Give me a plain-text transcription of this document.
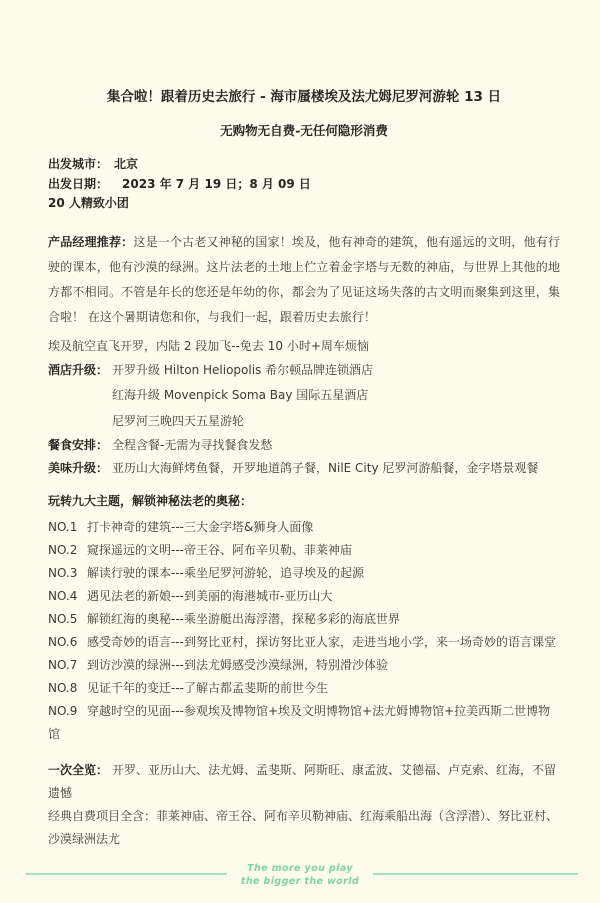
集合啦！跟着历史去旅行 - 海市蜃楼埃及法尤姆尼罗河游轮 13 日

无购物无自费-无任何隐形消费

出发城市： 北京

出发日期： 2023 年 7 月 19 日；8 月 09 日

20 人精致小团

产品经理推荐：这是一个古老又神秘的国家！埃及，他有神奇的建筑，他有遥远的文明，他有行驶的课本，他有沙漠的绿洲。这片法老的土地上伫立着金字塔与无数的神庙，与世界上其他的地方都不相同。不管是年长的您还是年幼的你，都会为了见证这场失落的古文明而聚集到这里，集合啦！ 在这个暑期请您和你，与我们一起，跟着历史去旅行！

埃及航空直飞开罗，内陆 2 段加飞--免去 10 小时+周车烦恼

酒店升级： 开罗升级 Hilton Heliopolis 希尔顿品牌连锁酒店

红海升级 Movenpick Soma Bay 国际五星酒店

尼罗河三晚四天五星游轮

餐食安排： 全程含餐-无需为寻找餐食发愁

美味升级： 亚历山大海鲜烤鱼餐，开罗地道鸽子餐，NilE City 尼罗河游船餐，金字塔景观餐

玩转九大主题，解锁神秘法老的奥秘：

NO.1 打卡神奇的建筑---三大金字塔&狮身人面像
NO.2 窥探遥远的文明---帝王谷、阿布辛贝勒、菲莱神庙
NO.3 解读行驶的课本---乘坐尼罗河游轮，追寻埃及的起源
NO.4 遇见法老的新娘---到美丽的海港城市-亚历山大
NO.5 解锁红海的奥秘---乘坐游艇出海浮潜，探秘多彩的海底世界
NO.6 感受奇妙的语言---到努比亚村，探访努比亚人家，走进当地小学，来一场奇妙的语言课堂
NO.7 到访沙漠的绿洲---到法尤姆感受沙漠绿洲，特别滑沙体验
NO.8 见证千年的变迁---了解古都孟斐斯的前世今生
NO.9 穿越时空的见面---参观埃及博物馆+埃及文明博物馆+法尤姆博物馆+拉美西斯二世博物馆

一次全览： 开罗、亚历山大、法尤姆、孟斐斯、阿斯旺、康孟波、艾德福、卢克索、红海，不留遗憾

经典自费项目全含：菲莱神庙、帝王谷、阿布辛贝勒神庙、红海乘船出海（含浮潜）、努比亚村、沙漠绿洲法尤

The more you play
the bigger the world
